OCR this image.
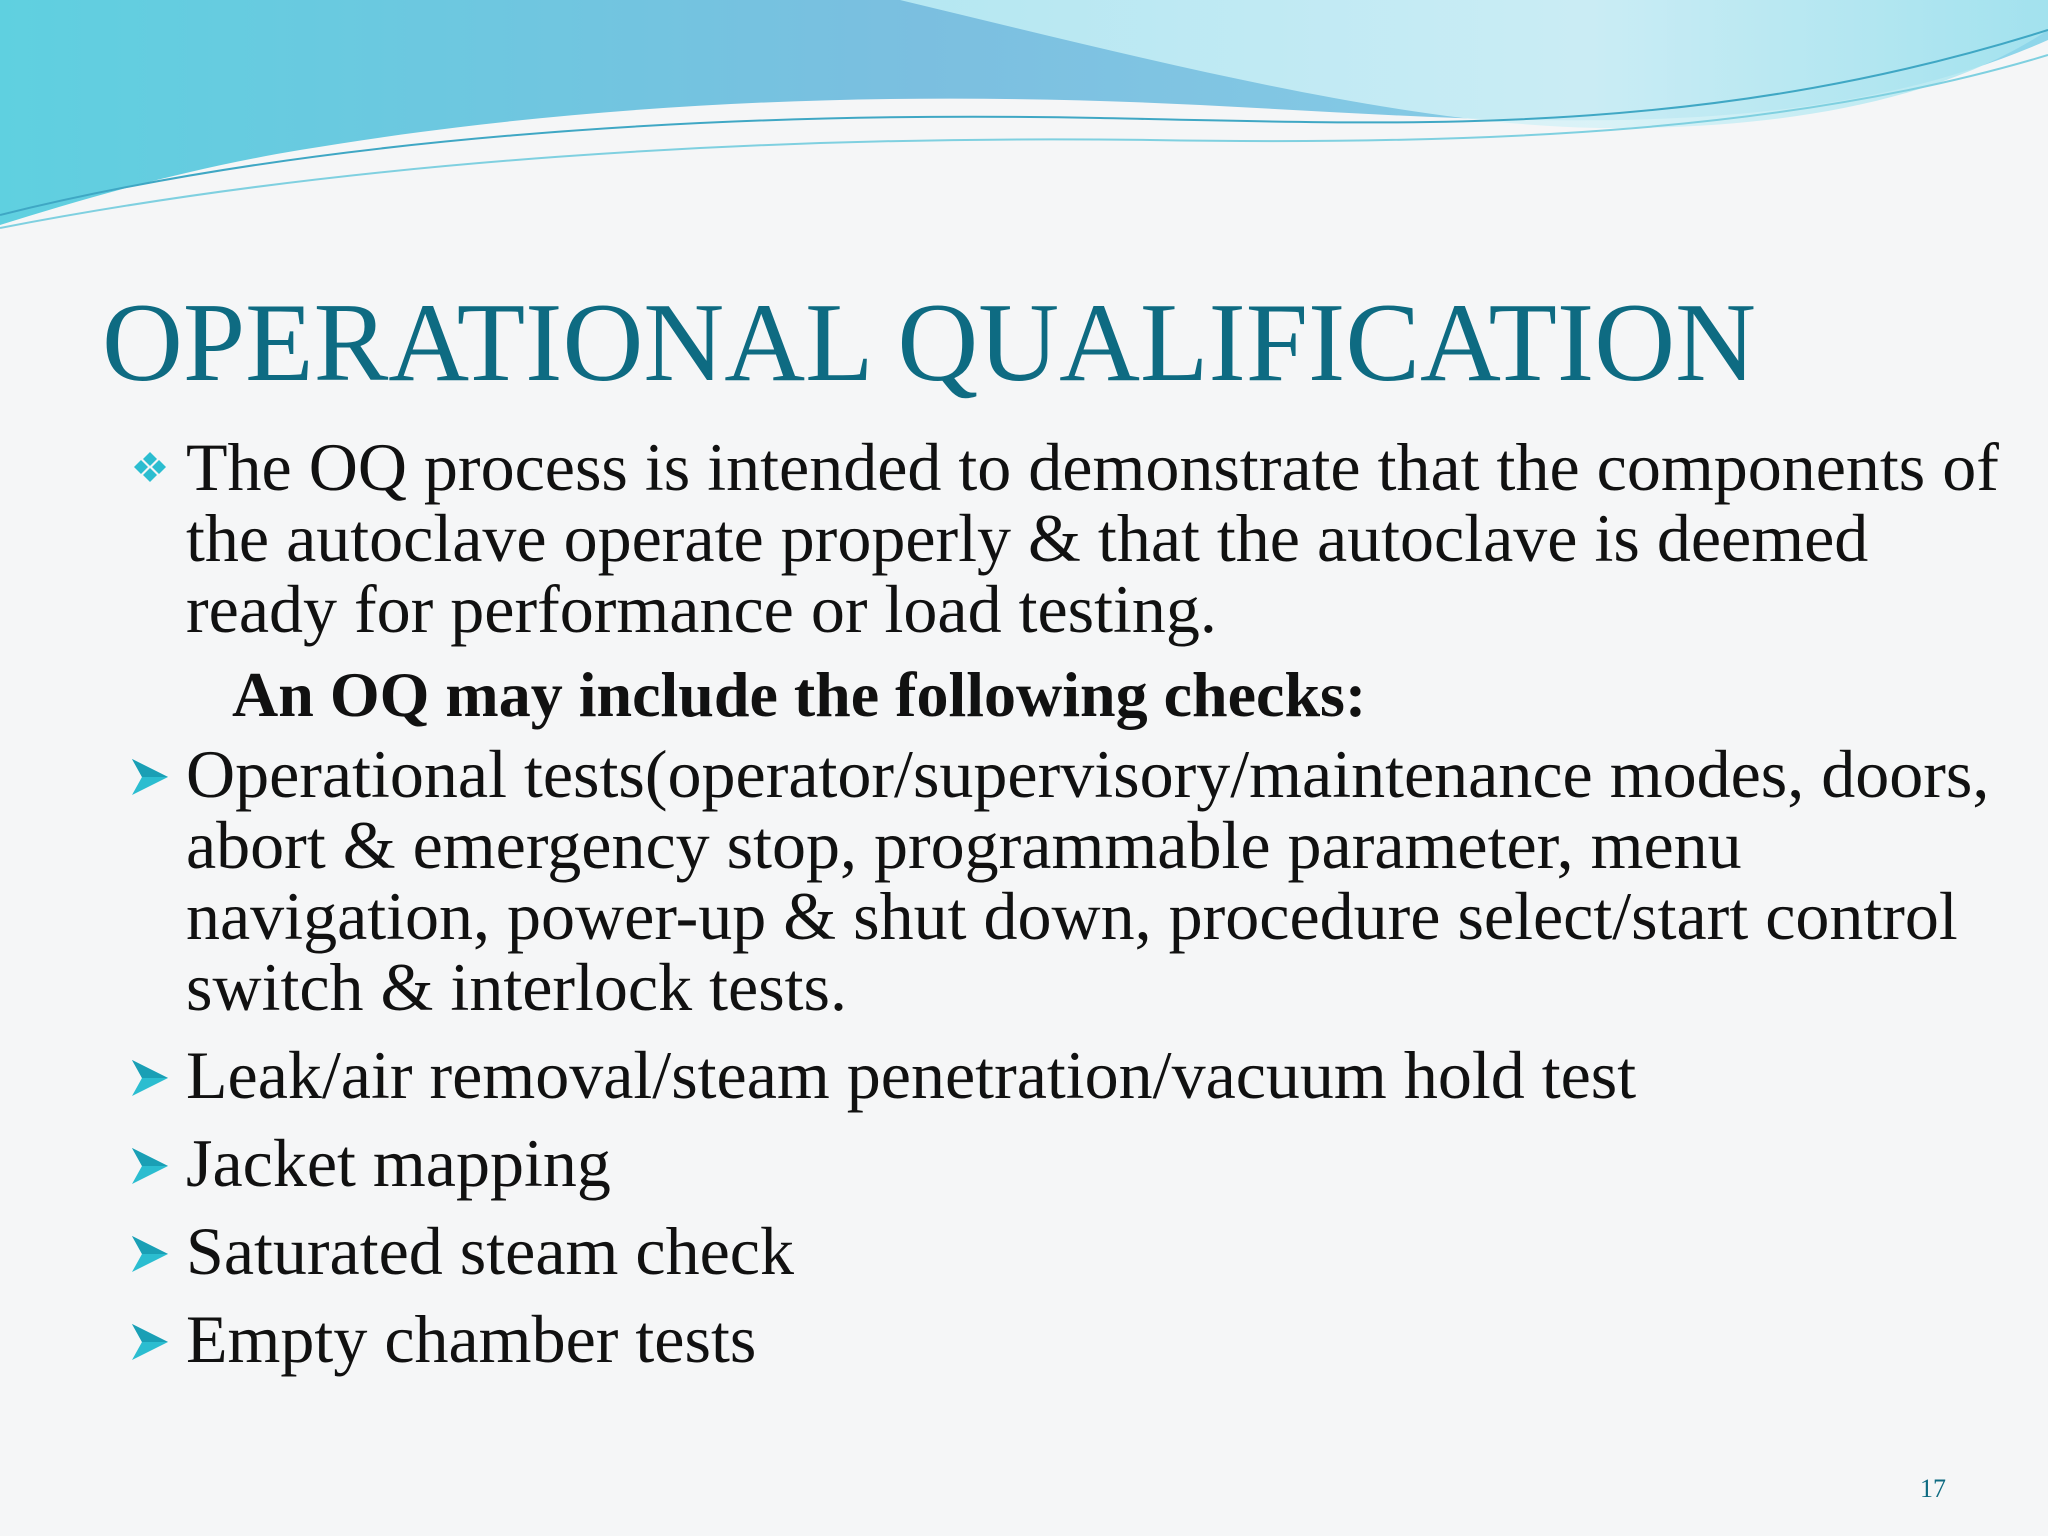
OPERATIONAL QUALIFICATION
The OQ process is intended to demonstrate that the components of the autoclave operate properly & that the autoclave is deemed ready for performance or load testing.
An OQ may include the following checks:
Operational tests(operator/supervisory/maintenance modes, doors, abort & emergency stop, programmable parameter, menu navigation, power-up & shut down, procedure select/start control switch & interlock tests.
Leak/air removal/steam penetration/vacuum hold test
Jacket mapping
Saturated steam check
Empty chamber tests
17
